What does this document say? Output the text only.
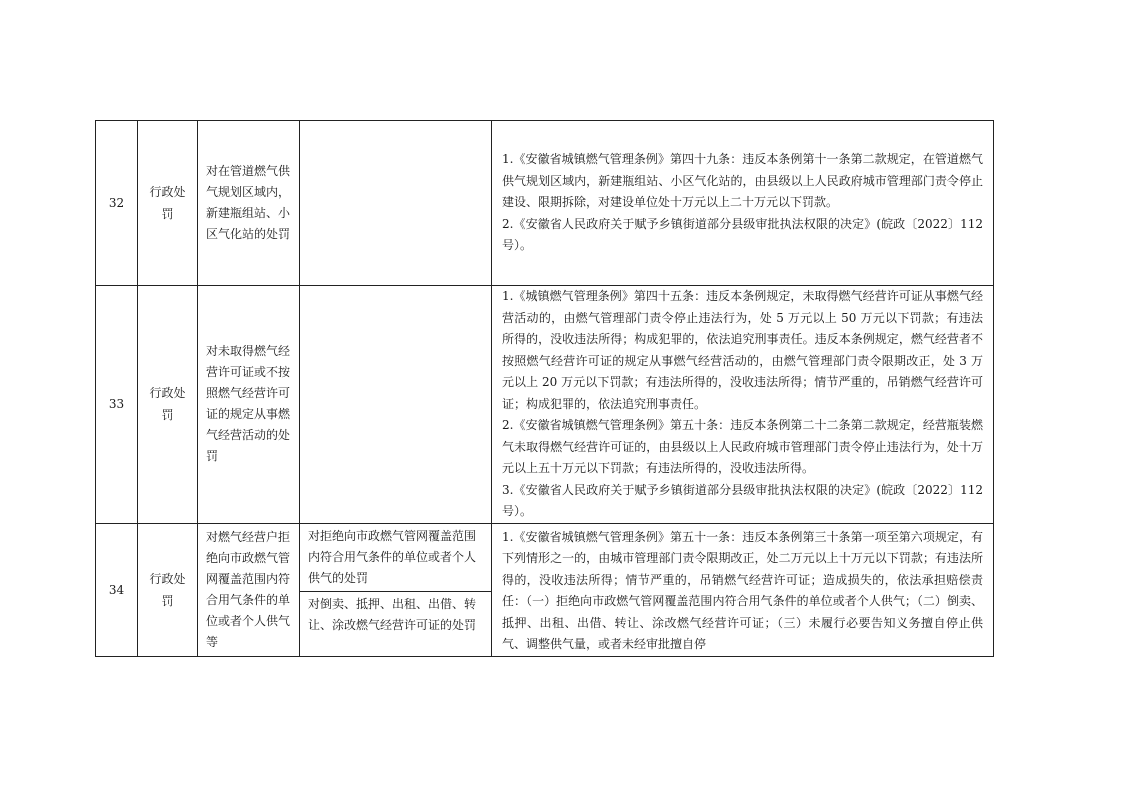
32	行政处罚	对在管道燃气供气规划区域内，新建瓶组站、小区气化站的处罚		1.《安徽省城镇燃气管理条例》第四十九条：违反本条例第十一条第二款规定，在管道燃气供气规划区域内，新建瓶组站、小区气化站的，由县级以上人民政府城市管理部门责令停止建设、限期拆除，对建设单位处十万元以上二十万元以下罚款。

2.《安徽省人民政府关于赋予乡镇街道部分县级审批执法权限的决定》(皖政〔2022〕112 号）。

33	行政处罚	对未取得燃气经营许可证或不按照燃气经营许可证的规定从事燃气经营活动的处罚		1.《城镇燃气管理条例》第四十五条：违反本条例规定，未取得燃气经营许可证从事燃气经营活动的，由燃气管理部门责令停止违法行为，处 5 万元以上 50 万元以下罚款；有违法所得的，没收违法所得；构成犯罪的，依法追究刑事责任。违反本条例规定，燃气经营者不按照燃气经营许可证的规定从事燃气经营活动的，由燃气管理部门责令限期改正，处 3 万元以上 20 万元以下罚款；有违法所得的，没收违法所得；情节严重的，吊销燃气经营许可证；构成犯罪的，依法追究刑事责任。

2.《安徽省城镇燃气管理条例》第五十条：违反本条例第二十二条第二款规定，经营瓶装燃气未取得燃气经营许可证的，由县级以上人民政府城市管理部门责令停止违法行为，处十万元以上五十万元以下罚款；有违法所得的，没收违法所得。

3.《安徽省人民政府关于赋予乡镇街道部分县级审批执法权限的决定》(皖政〔2022〕112 号）。

34	行政处罚	对燃气经营户拒绝向市政燃气管网覆盖范围内符合用气条件的单位或者个人供气等	对拒绝向市政燃气管网覆盖范围内符合用气条件的单位或者个人供气的处罚	1.《安徽省城镇燃气管理条例》第五十一条：违反本条例第三十条第一项至第六项规定，有下列情形之一的，由城市管理部门责令限期改正，处二万元以上十万元以下罚款；有违法所得的，没收违法所得；情节严重的，吊销燃气经营许可证；造成损失的，依法承担赔偿责任：（一）拒绝向市政燃气管网覆盖范围内符合用气条件的单位或者个人供气；（二）倒卖、抵押、出租、出借、转让、涂改燃气经营许可证；（三）未履行必要告知义务擅自停止供气、调整供气量，或者未经审批擅自停

			对倒卖、抵押、出租、出借、转让、涂改燃气经营许可证的处罚	
